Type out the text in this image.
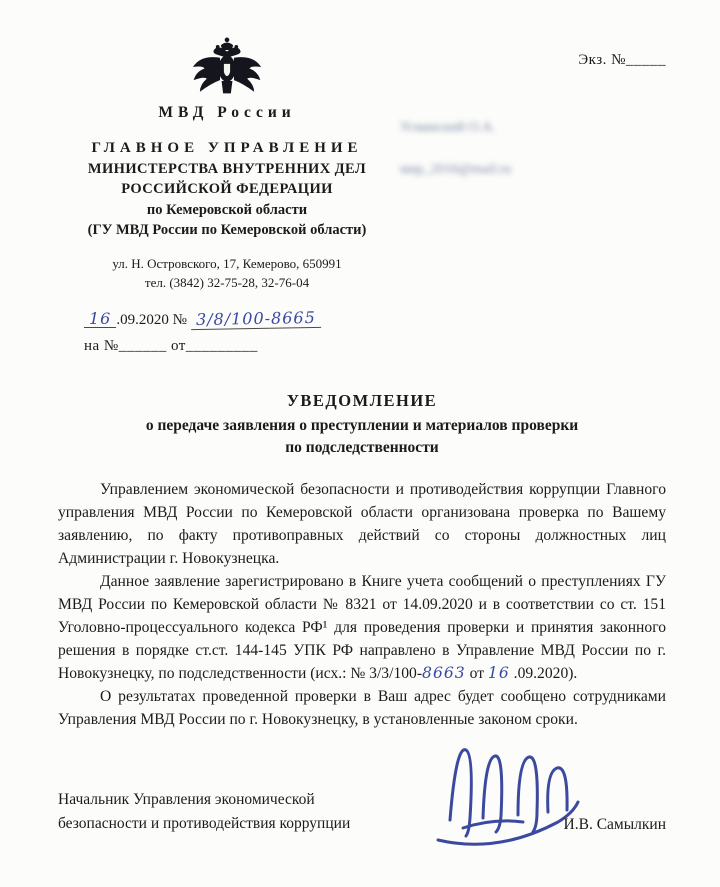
Экз. №_____
МВД России
ГЛАВНОЕ УПРАВЛЕНИЕ
МИНИСТЕРСТВА ВНУТРЕННИХ ДЕЛ
РОССИЙСКОЙ ФЕДЕРАЦИИ
по Кемеровской области
(ГУ МВД России по Кемеровской области)
ул. Н. Островского, 17, Кемерово, 650991
тел. (3842) 32-75-28, 32-76-04
16 .09.2020 № 3/8/100-8665
на №______ от_________
Усманский О.А.
мир_2016@mail.ru
УВЕДОМЛЕНИЕ
о передаче заявления о преступлении и материалов проверки
по подследственности

Управлением экономической безопасности и противодействия коррупции Главного управления МВД России по Кемеровской области организована проверка по Вашему заявлению, по факту противоправных действий со стороны должностных лиц Администрации г. Новокузнецка.

Данное заявление зарегистрировано в Книге учета сообщений о преступлениях ГУ МВД России по Кемеровской области № 8321 от 14.09.2020 и в соответствии со ст. 151 Уголовно-процессуального кодекса РФ¹ для проведения проверки и принятия законного решения в порядке ст.ст. 144-145 УПК РФ направлено в Управление МВД России по г. Новокузнецку, по подследственности (исх.: № 3/3/100-8663 от 16 .09.2020).

О результатах проведенной проверки в Ваш адрес будет сообщено сотрудниками Управления МВД России по г. Новокузнецку, в установленные законом сроки.

Начальник Управления экономической
безопасности и противодействия коррупции	И.В. Самылкин
